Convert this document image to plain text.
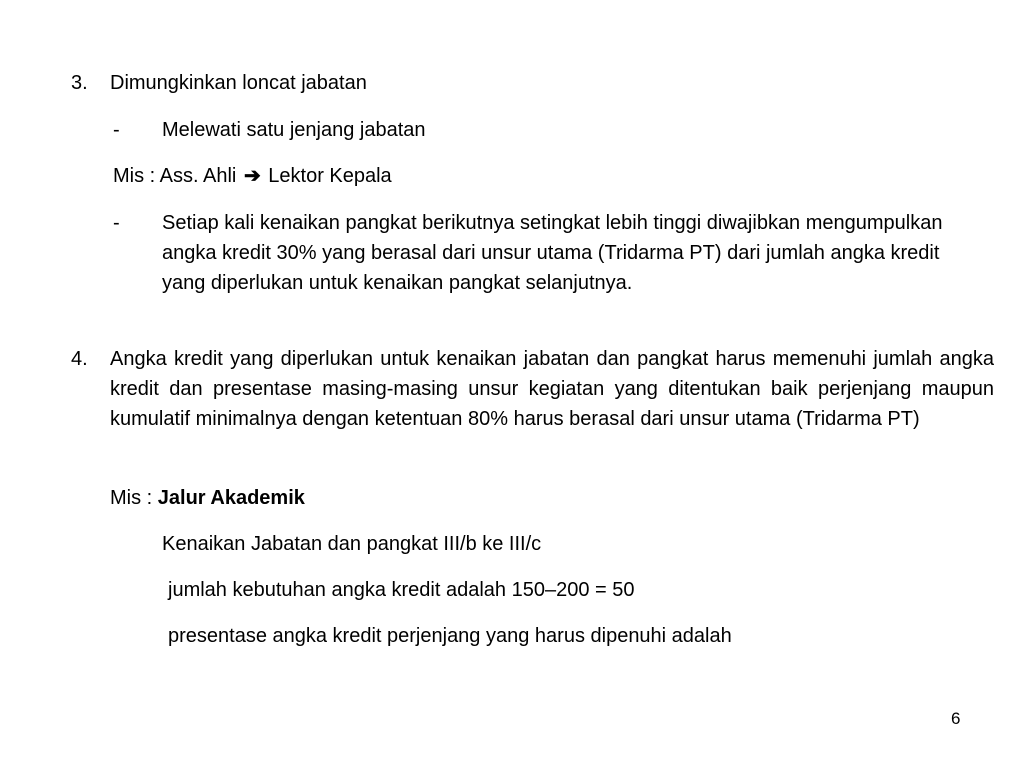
3. Dimungkinkan loncat jabatan
- Melewati satu jenjang jabatan
Mis : Ass. Ahli ➔ Lektor Kepala
- Setiap kali kenaikan pangkat berikutnya setingkat lebih tinggi diwajibkan mengumpulkan angka kredit 30% yang berasal dari unsur utama (Tridarma PT) dari jumlah angka kredit yang diperlukan untuk kenaikan pangkat selanjutnya.
4. Angka kredit yang diperlukan untuk kenaikan jabatan dan pangkat harus memenuhi jumlah angka kredit dan presentase masing-masing unsur kegiatan yang ditentukan baik perjenjang maupun kumulatif minimalnya dengan ketentuan 80% harus berasal dari unsur utama (Tridarma PT)
Mis : Jalur Akademik
Kenaikan Jabatan dan pangkat III/b ke III/c
jumlah kebutuhan angka kredit adalah 150–200 = 50
presentase angka kredit perjenjang yang harus dipenuhi adalah
6
